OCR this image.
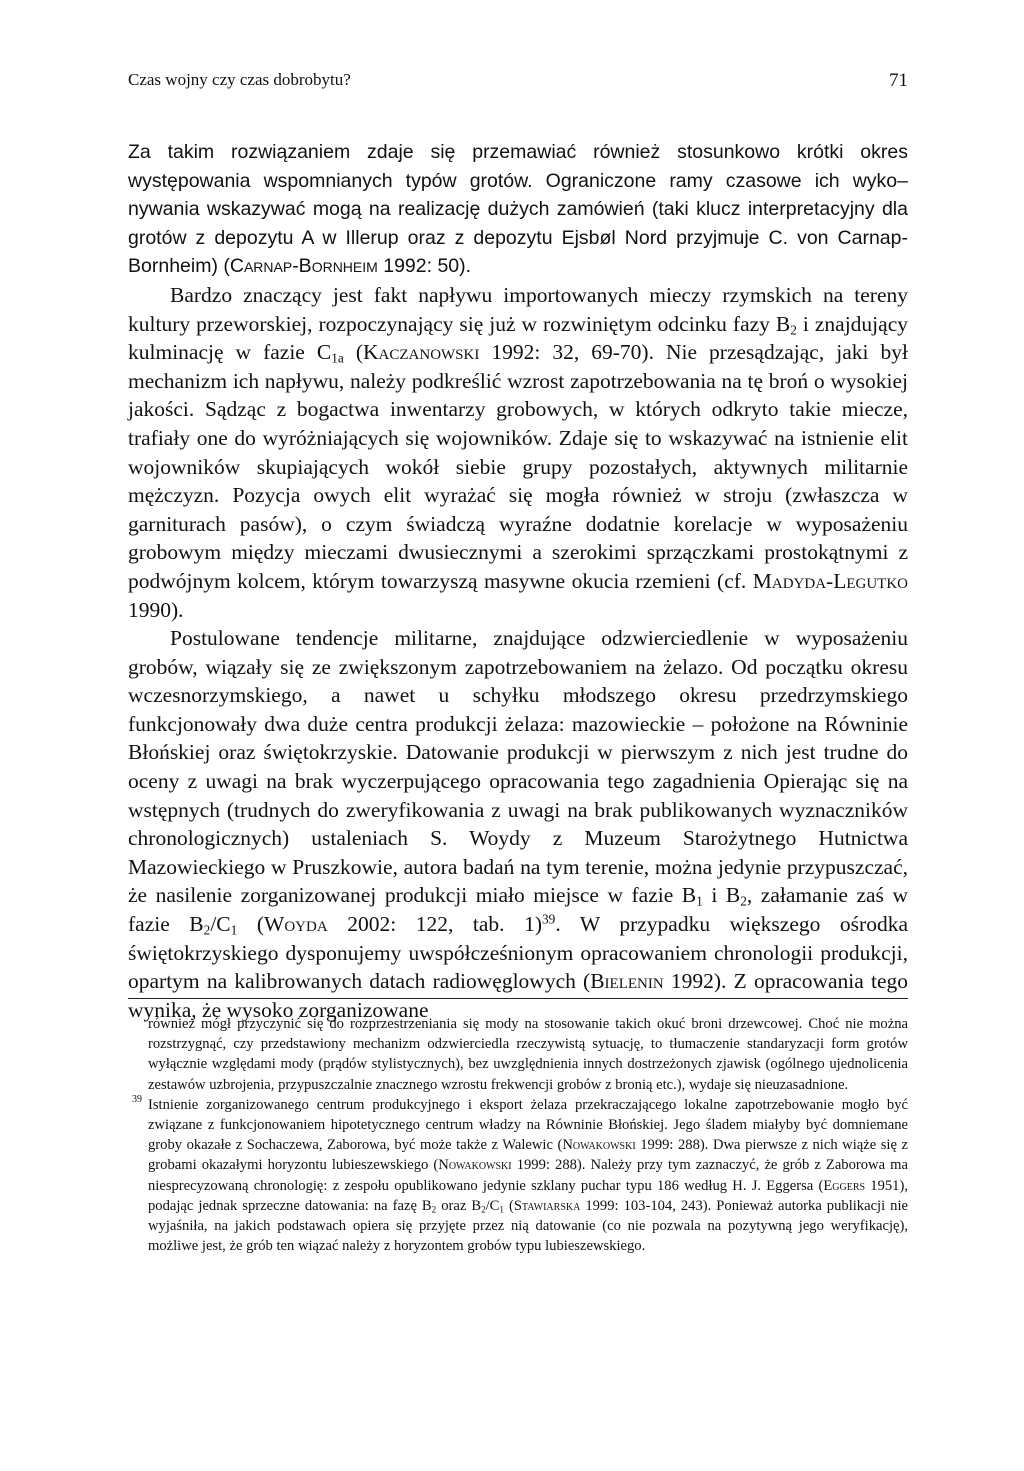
Czas wojny czy czas dobrobytu?	71

Za takim rozwiązaniem zdaje się przemawiać również stosunkowo krótki okres występowania wspomnianych typów grotów. Ograniczone ramy czasowe ich wyko–nywania wskazywać mogą na realizację dużych zamówień (taki klucz interpretacyjny dla grotów z depozytu A w Illerup oraz z depozytu Ejsbøl Nord przyjmuje C. von Carnap-Bornheim) (Carnap-Bornheim 1992: 50).

Bardzo znaczący jest fakt napływu importowanych mieczy rzymskich na tereny kultury przeworskiej, rozpoczynający się już w rozwiniętym odcinku fazy $B_2$ i znajdujący kulminację w fazie $C_{1a}$ (Kaczanowski 1992: 32, 69-70). Nie przesądzając, jaki był mechanizm ich napływu, należy podkreślić wzrost zapotrzebowania na tę broń o wysokiej jakości. Sądząc z bogactwa inwentarzy grobowych, w których odkryto takie miecze, trafiały one do wyróżniających się wojowników. Zdaje się to wskazywać na istnienie elit wojowników skupiających wokół siebie grupy pozostałych, aktywnych militarnie mężczyzn. Pozycja owych elit wyrażać się mogła również w stroju (zwłaszcza w garniturach pasów), o czym świadczą wyraźne dodatnie korelacje w wyposażeniu grobowym między mieczami dwusiecznymi a szerokimi sprzączkami prostokątnymi z podwójnym kolcem, którym towarzyszą masywne okucia rzemieni (cf. Madyda-Legutko 1990).

Postulowane tendencje militarne, znajdujące odzwierciedlenie w wyposażeniu grobów, wiązały się ze zwiększonym zapotrzebowaniem na żelazo. Od początku okresu wczesnorzymskiego, a nawet u schyłku młodszego okresu przedrzymskiego funkcjonowały dwa duże centra produkcji żelaza: mazowieckie – położone na Równinie Błońskiej oraz świętokrzyskie. Datowanie produkcji w pierwszym z nich jest trudne do oceny z uwagi na brak wyczerpującego opracowania tego zagadnienia Opierając się na wstępnych (trudnych do zweryfikowania z uwagi na brak publikowanych wyznaczników chronologicznych) ustaleniach S. Woydy z Muzeum Starożytnego Hutnictwa Mazowieckiego w Pruszkowie, autora badań na tym terenie, można jedynie przypuszczać, że nasilenie zorganizowanej produkcji miało miejsce w fazie $B_1$ i $B_2$, załamanie zaś w fazie $B_2/C_1$ (Woyda 2002: 122, tab. 1)$^{39}$. W przypadku większego ośrodka świętokrzyskiego dysponujemy uwspółcześnionym opracowaniem chronologii produkcji, opartym na kalibrowanych datach radiowęglowych (Bielenin 1992). Z opracowania tego wynika, że wysoko zorganizowane

również mógł przyczynić się do rozprzestrzeniania się mody na stosowanie takich okuć broni drzewcowej. Choć nie można rozstrzygnąć, czy przedstawiony mechanizm odzwierciedla rzeczywistą sytuację, to tłumaczenie standaryzacji form grotów wyłącznie względami mody (prądów stylistycznych), bez uwzględnienia innych dostrzeżonych zjawisk (ogólnego ujednolicenia zestawów uzbrojenia, przypuszczalnie znacznego wzrostu frekwencji grobów z bronią etc.), wydaje się nieuzasadnione.

39 Istnienie zorganizowanego centrum produkcyjnego i eksport żelaza przekraczającego lokalne zapotrzebowanie mogło być związane z funkcjonowaniem hipotetycznego centrum władzy na Równinie Błońskiej. Jego śladem miałyby być domniemane groby okazałe z Sochaczewa, Zaborowa, być może także z Walewic (Nowakowski 1999: 288). Dwa pierwsze z nich wiąże się z grobami okazałymi horyzontu lubieszewskiego (Nowakowski 1999: 288). Należy przy tym zaznaczyć, że grób z Zaborowa ma niesprecyzowaną chronologię: z zespołu opublikowano jedynie szklany puchar typu 186 według H. J. Eggersa (Eggers 1951), podając jednak sprzeczne datowania: na fazę $B_2$ oraz $B_2/C_1$ (Stawiarska 1999: 103-104, 243). Ponieważ autorka publikacji nie wyjaśniła, na jakich podstawach opiera się przyjęte przez nią datowanie (co nie pozwala na pozytywną jego weryfikację), możliwe jest, że grób ten wiązać należy z horyzontem grobów typu lubieszewskiego.
